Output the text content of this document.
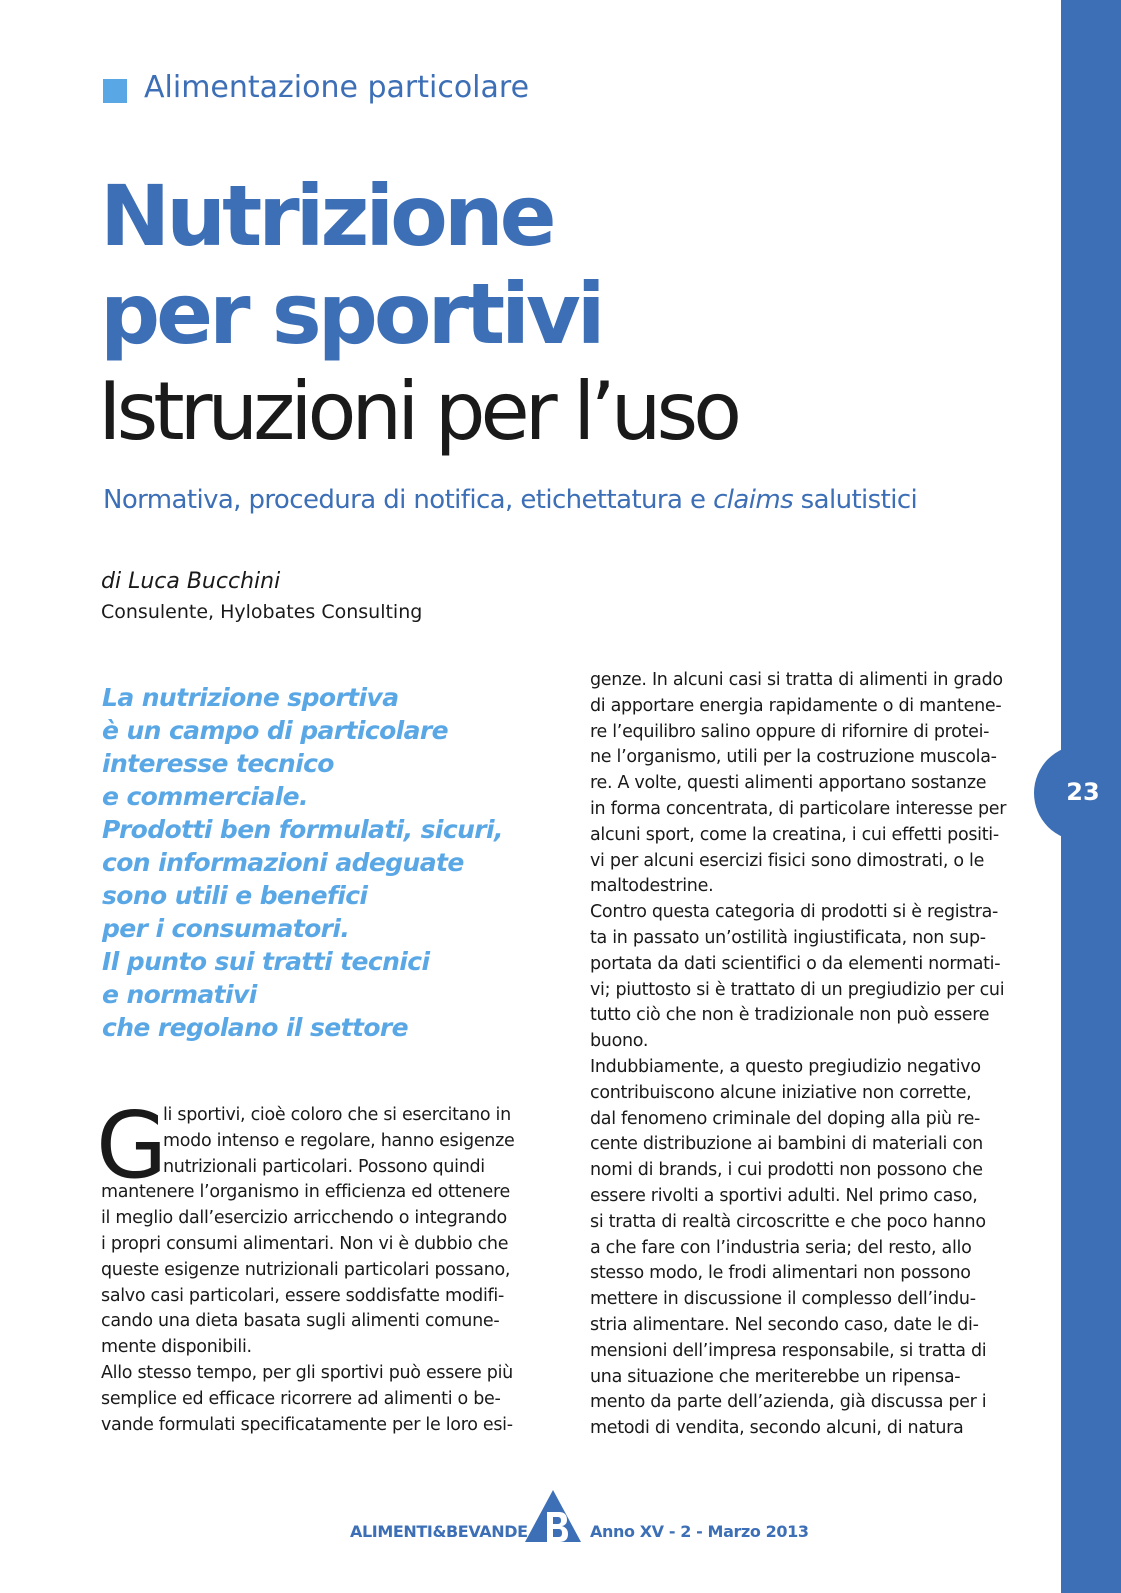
23
Alimentazione particolare
Nutrizione
per sportivi
Istruzioni per l’uso
Normativa, procedura di notifica, etichettatura e claims salutistici
di Luca Bucchini
Consulente, Hylobates Consulting
La nutrizione sportiva
è un campo di particolare
interesse tecnico
e commerciale.
Prodotti ben formulati, sicuri,
con informazioni adeguate
sono utili e benefici
per i consumatori.
Il punto sui tratti tecnici
e normativi
che regolano il settore
G
li sportivi, cioè coloro che si esercitano in
modo intenso e regolare, hanno esigenze
nutrizionali particolari. Possono quindi
mantenere l’organismo in efficienza ed ottenere
il meglio dall’esercizio arricchendo o integrando
i propri consumi alimentari. Non vi è dubbio che
queste esigenze nutrizionali particolari possano,
salvo casi particolari, essere soddisfatte modifi-
cando una dieta basata sugli alimenti comune-
mente disponibili.
Allo stesso tempo, per gli sportivi può essere più
semplice ed efficace ricorrere ad alimenti o be-
vande formulati specificatamente per le loro esi-
genze. In alcuni casi si tratta di alimenti in grado
di apportare energia rapidamente o di mantene-
re l’equilibro salino oppure di rifornire di protei-
ne l’organismo, utili per la costruzione muscola-
re. A volte, questi alimenti apportano sostanze
in forma concentrata, di particolare interesse per
alcuni sport, come la creatina, i cui effetti positi-
vi per alcuni esercizi fisici sono dimostrati, o le
maltodestrine.
Contro questa categoria di prodotti si è registra-
ta in passato un’ostilità ingiustificata, non sup-
portata da dati scientifici o da elementi normati-
vi; piuttosto si è trattato di un pregiudizio per cui
tutto ciò che non è tradizionale non può essere
buono.
Indubbiamente, a questo pregiudizio negativo
contribuiscono alcune iniziative non corrette,
dal fenomeno criminale del doping alla più re-
cente distribuzione ai bambini di materiali con
nomi di brands, i cui prodotti non possono che
essere rivolti a sportivi adulti. Nel primo caso,
si tratta di realtà circoscritte e che poco hanno
a che fare con l’industria seria; del resto, allo
stesso modo, le frodi alimentari non possono
mettere in discussione il complesso dell’indu-
stria alimentare. Nel secondo caso, date le di-
mensioni dell’impresa responsabile, si tratta di
una situazione che meriterebbe un ripensa-
mento da parte dell’azienda, già discussa per i
metodi di vendita, secondo alcuni, di natura
ALIMENTI&BEVANDE	Anno XV - 2 - Marzo 2013
